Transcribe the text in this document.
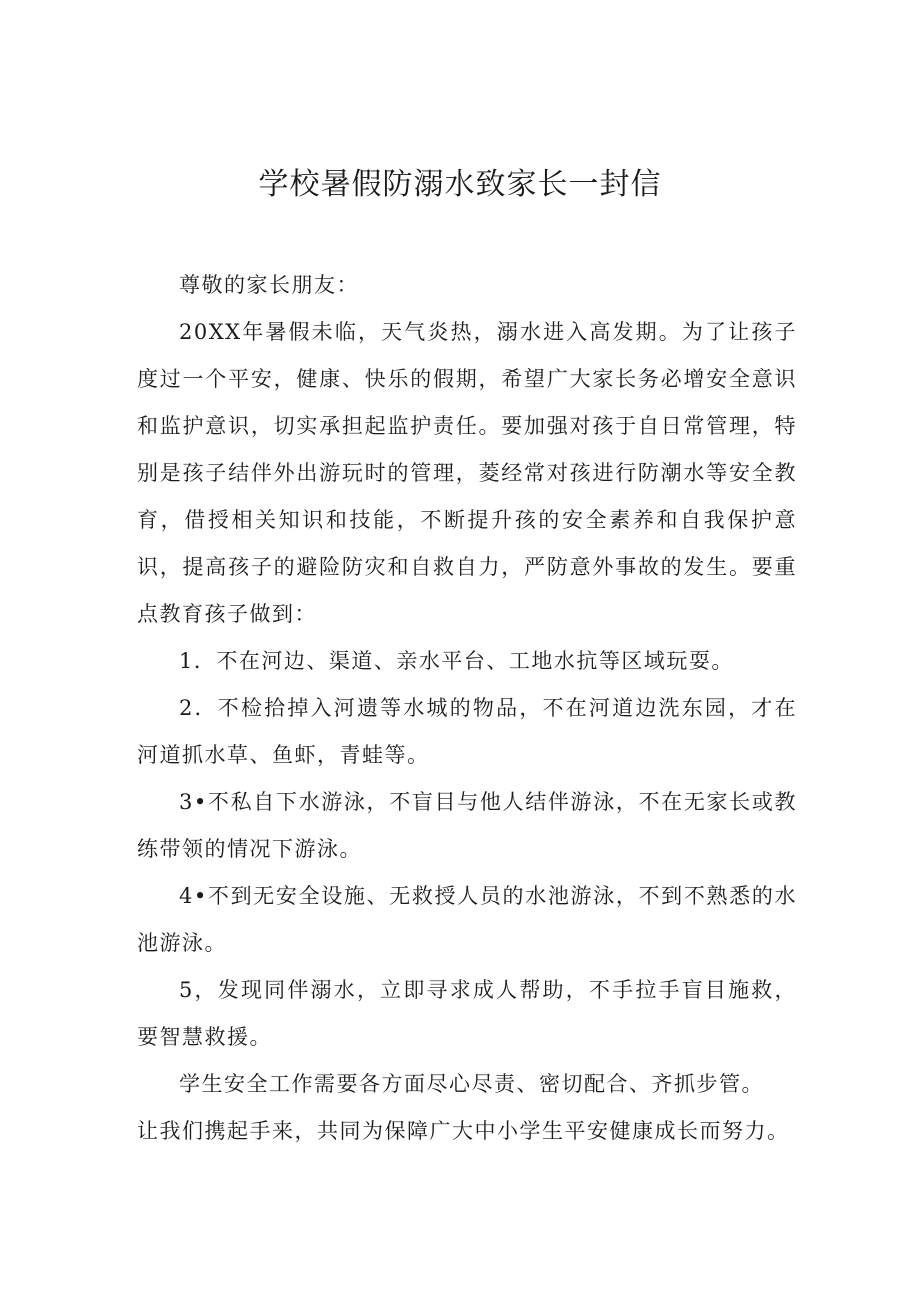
学校暑假防溺水致家长一封信

尊敬的家长朋友：

20XX年暑假未临，天气炎热，溺水进入高发期。为了让孩子度过一个平安，健康、快乐的假期，希望广大家长务必增安全意识和监护意识，切实承担起监护责任。要加强对孩于自日常管理，特别是孩子结伴外出游玩时的管理，菱经常对孩进行防潮水等安全教育，借授相关知识和技能，不断提升孩的安全素养和自我保护意识，提高孩子的避险防灾和自救自力，严防意外事故的发生。要重点教育孩子做到：

1．不在河边、渠道、亲水平台、工地水抗等区域玩耍。

2．不检拾掉入河遗等水城的物品，不在河道边洗东园，才在河道抓水草、鱼虾，青蛙等。

3•不私自下水游泳，不盲目与他人结伴游泳，不在无家长或教练带领的情况下游泳。

4•不到无安全设施、无救授人员的水池游泳，不到不熟悉的水池游泳。

5，发现同伴溺水，立即寻求成人帮助，不手拉手盲目施救，要智慧救援。

学生安全工作需要各方面尽心尽责、密切配合、齐抓步管。

让我们携起手来，共同为保障广大中小学生平安健康成长而努力。
